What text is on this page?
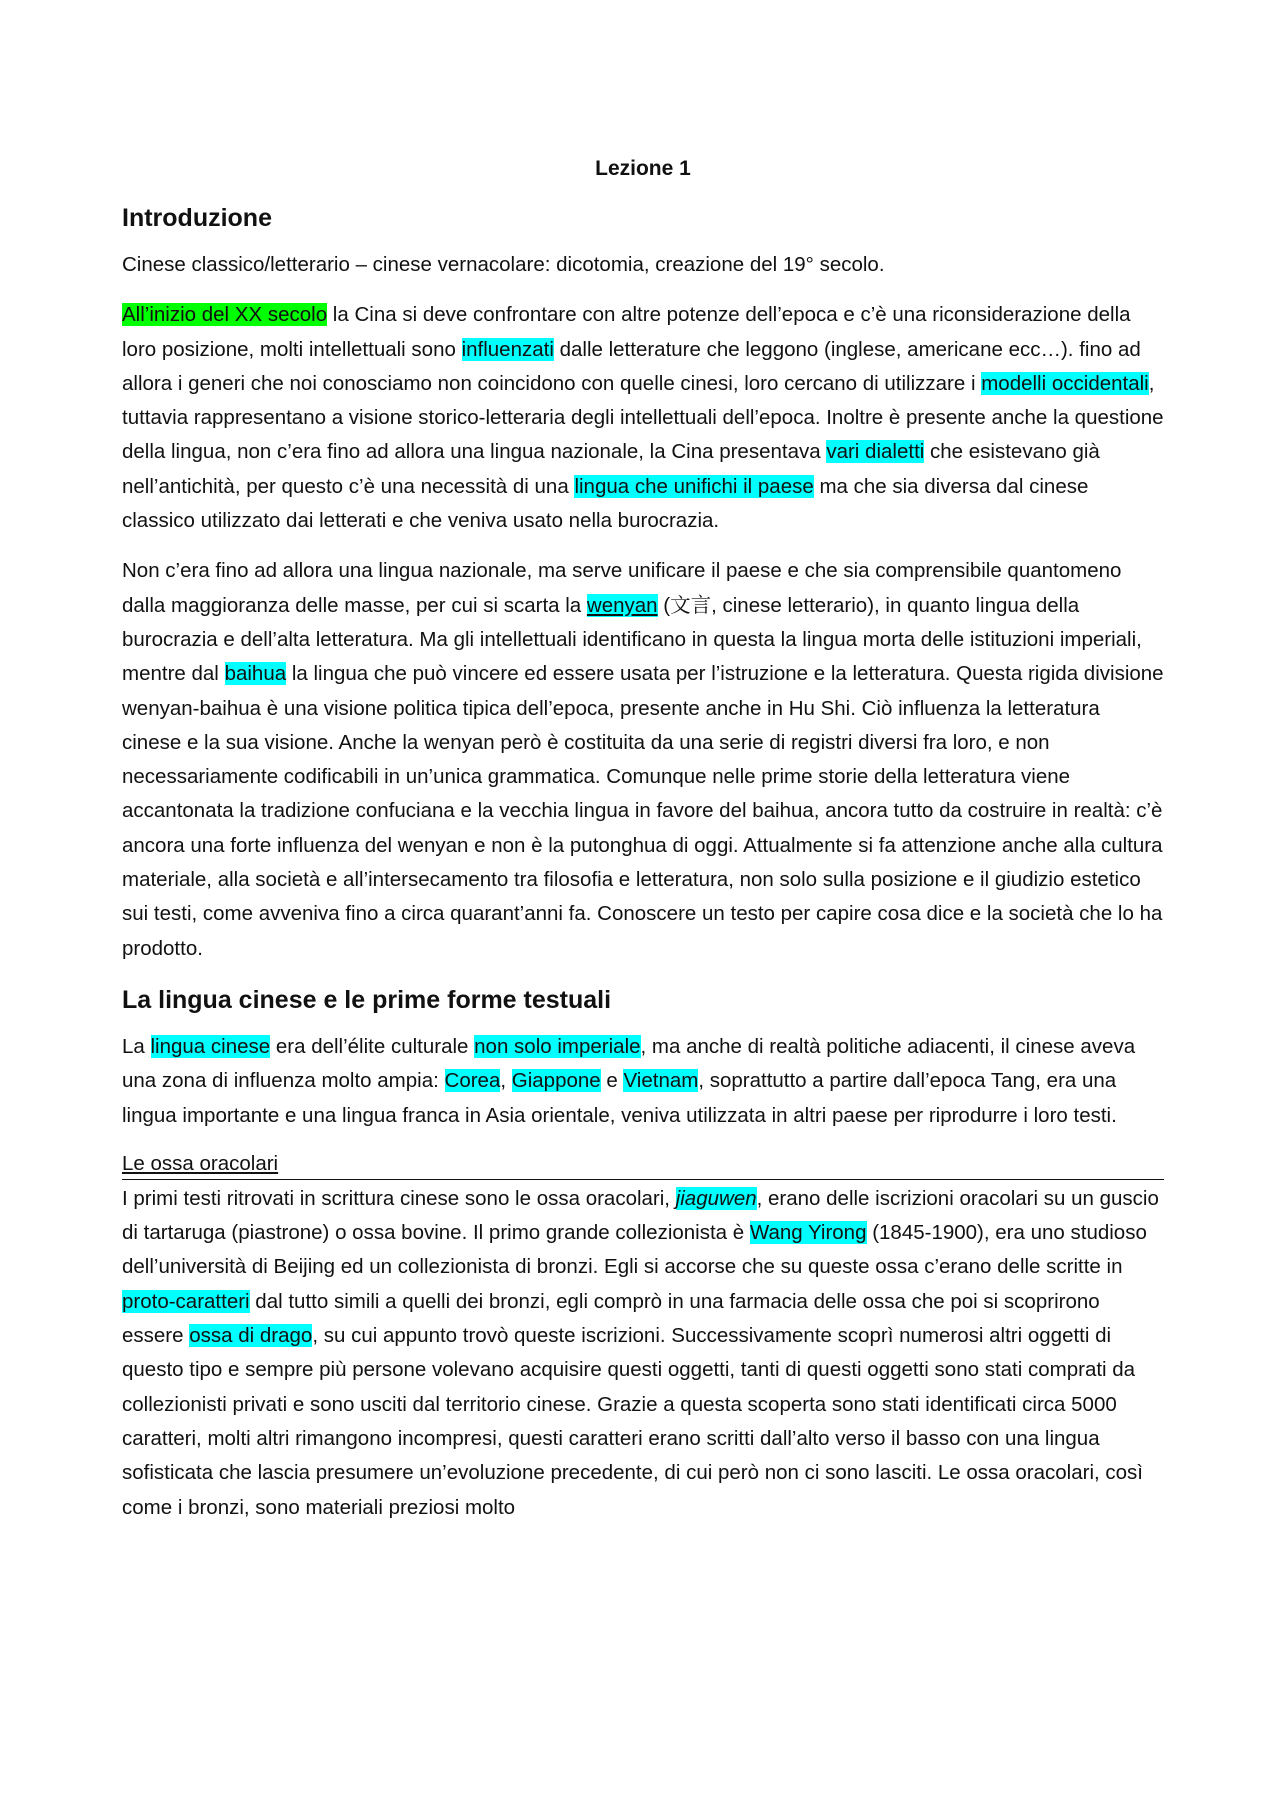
Lezione 1
Introduzione

Cinese classico/letterario – cinese vernacolare: dicotomia, creazione del 19° secolo.

All’inizio del XX secolo la Cina si deve confrontare con altre potenze dell’epoca e c’è una riconsiderazione della loro posizione, molti intellettuali sono influenzati dalle letterature che leggono (inglese, americane ecc…). fino ad allora i generi che noi conosciamo non coincidono con quelle cinesi, loro cercano di utilizzare i modelli occidentali, tuttavia rappresentano a visione storico-letteraria degli intellettuali dell’epoca. Inoltre è presente anche la questione della lingua, non c’era fino ad allora una lingua nazionale, la Cina presentava vari dialetti che esistevano già nell’antichità, per questo c’è una necessità di una lingua che unifichi il paese ma che sia diversa dal cinese classico utilizzato dai letterati e che veniva usato nella burocrazia.

Non c’era fino ad allora una lingua nazionale, ma serve unificare il paese e che sia comprensibile quantomeno dalla maggioranza delle masse, per cui si scarta la wenyan (文言, cinese letterario), in quanto lingua della burocrazia e dell’alta letteratura. Ma gli intellettuali identificano in questa la lingua morta delle istituzioni imperiali, mentre dal baihua la lingua che può vincere ed essere usata per l’istruzione e la letteratura. Questa rigida divisione wenyan-baihua è una visione politica tipica dell’epoca, presente anche in Hu Shi. Ciò influenza la letteratura cinese e la sua visione. Anche la wenyan però è costituita da una serie di registri diversi fra loro, e non necessariamente codificabili in un’unica grammatica. Comunque nelle prime storie della letteratura viene accantonata la tradizione confuciana e la vecchia lingua in favore del baihua, ancora tutto da costruire in realtà: c’è ancora una forte influenza del wenyan e non è la putonghua di oggi. Attualmente si fa attenzione anche alla cultura materiale, alla società e all’intersecamento tra filosofia e letteratura, non solo sulla posizione e il giudizio estetico sui testi, come avveniva fino a circa quarant’anni fa. Conoscere un testo per capire cosa dice e la società che lo ha prodotto.

La lingua cinese e le prime forme testuali

La lingua cinese era dell’élite culturale non solo imperiale, ma anche di realtà politiche adiacenti, il cinese aveva una zona di influenza molto ampia: Corea, Giappone e Vietnam, soprattutto a partire dall’epoca Tang, era una lingua importante e una lingua franca in Asia orientale, veniva utilizzata in altri paese per riprodurre i loro testi.

Le ossa oracolari

I primi testi ritrovati in scrittura cinese sono le ossa oracolari, jiaguwen, erano delle iscrizioni oracolari su un guscio di tartaruga (piastrone) o ossa bovine. Il primo grande collezionista è Wang Yirong (1845-1900), era uno studioso dell’università di Beijing ed un collezionista di bronzi. Egli si accorse che su queste ossa c’erano delle scritte in proto-caratteri dal tutto simili a quelli dei bronzi, egli comprò in una farmacia delle ossa che poi si scoprirono essere ossa di drago, su cui appunto trovò queste iscrizioni. Successivamente scoprì numerosi altri oggetti di questo tipo e sempre più persone volevano acquisire questi oggetti, tanti di questi oggetti sono stati comprati da collezionisti privati e sono usciti dal territorio cinese. Grazie a questa scoperta sono stati identificati circa 5000 caratteri, molti altri rimangono incompresi, questi caratteri erano scritti dall’alto verso il basso con una lingua sofisticata che lascia presumere un’evoluzione precedente, di cui però non ci sono lasciti. Le ossa oracolari, così come i bronzi, sono materiali preziosi molto
